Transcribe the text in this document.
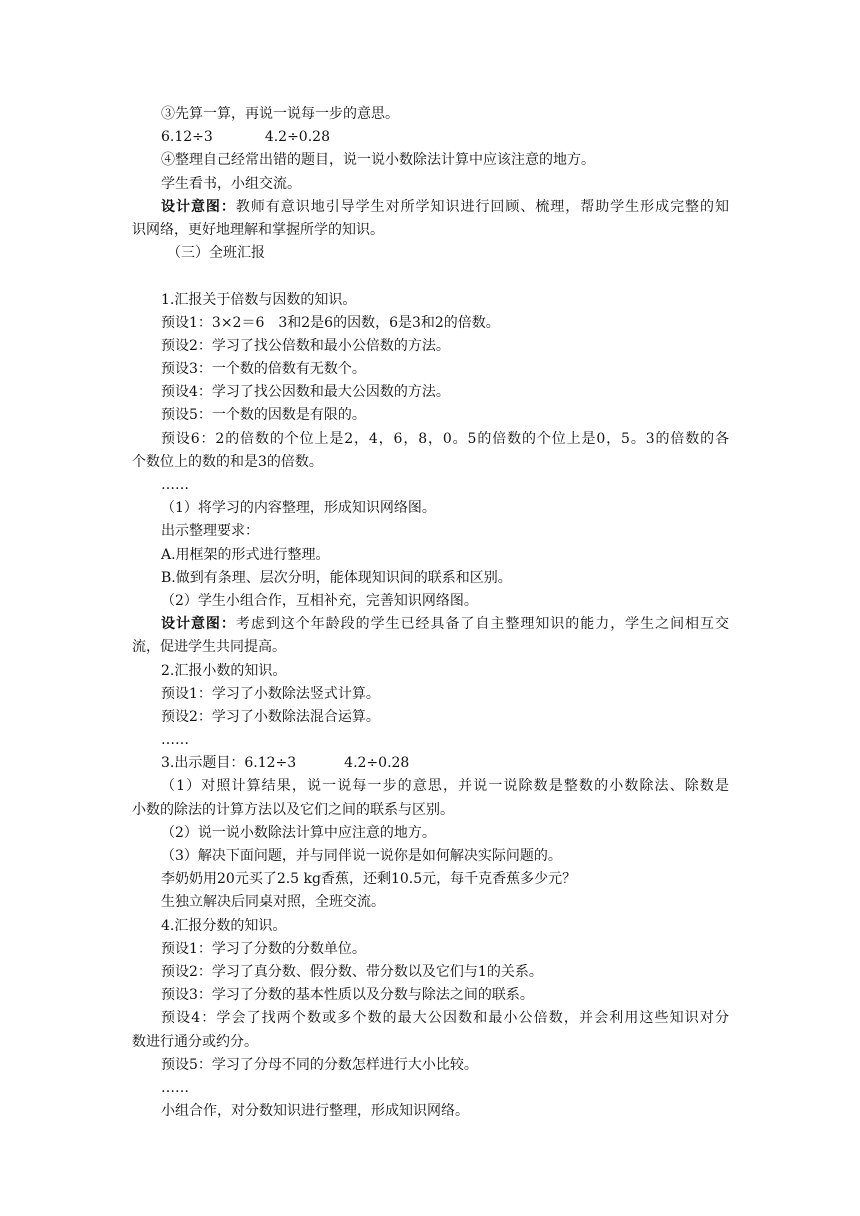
③先算一算，再说一说每一步的意思。
6.12÷3	4.2÷0.28
④整理自己经常出错的题目，说一说小数除法计算中应该注意的地方。
学生看书，小组交流。
设计意图：教师有意识地引导学生对所学知识进行回顾、梳理，帮助学生形成完整的知
识网络，更好地理解和掌握所学的知识。
（三）全班汇报
1.汇报关于倍数与因数的知识。
预设1：3×2＝6　3和2是6的因数，6是3和2的倍数。
预设2：学习了找公倍数和最小公倍数的方法。
预设3：一个数的倍数有无数个。
预设4：学习了找公因数和最大公因数的方法。
预设5：一个数的因数是有限的。
预设6：2的倍数的个位上是2，4，6，8，0。5的倍数的个位上是0，5。3的倍数的各
个数位上的数的和是3的倍数。
……
（1）将学习的内容整理，形成知识网络图。
出示整理要求：
A.用框架的形式进行整理。
B.做到有条理、层次分明，能体现知识间的联系和区别。
（2）学生小组合作，互相补充，完善知识网络图。
设计意图：考虑到这个年龄段的学生已经具备了自主整理知识的能力，学生之间相互交
流，促进学生共同提高。
2.汇报小数的知识。
预设1：学习了小数除法竖式计算。
预设2：学习了小数除法混合运算。
……
3.出示题目：6.12÷3	4.2÷0.28
（1）对照计算结果，说一说每一步的意思，并说一说除数是整数的小数除法、除数是
小数的除法的计算方法以及它们之间的联系与区别。
（2）说一说小数除法计算中应注意的地方。
（3）解决下面问题，并与同伴说一说你是如何解决实际问题的。
李奶奶用20元买了2.5 kg香蕉，还剩10.5元，每千克香蕉多少元？
生独立解决后同桌对照，全班交流。
4.汇报分数的知识。
预设1：学习了分数的分数单位。
预设2：学习了真分数、假分数、带分数以及它们与1的关系。
预设3：学习了分数的基本性质以及分数与除法之间的联系。
预设4：学会了找两个数或多个数的最大公因数和最小公倍数，并会利用这些知识对分
数进行通分或约分。
预设5：学习了分母不同的分数怎样进行大小比较。
……
小组合作，对分数知识进行整理，形成知识网络。
